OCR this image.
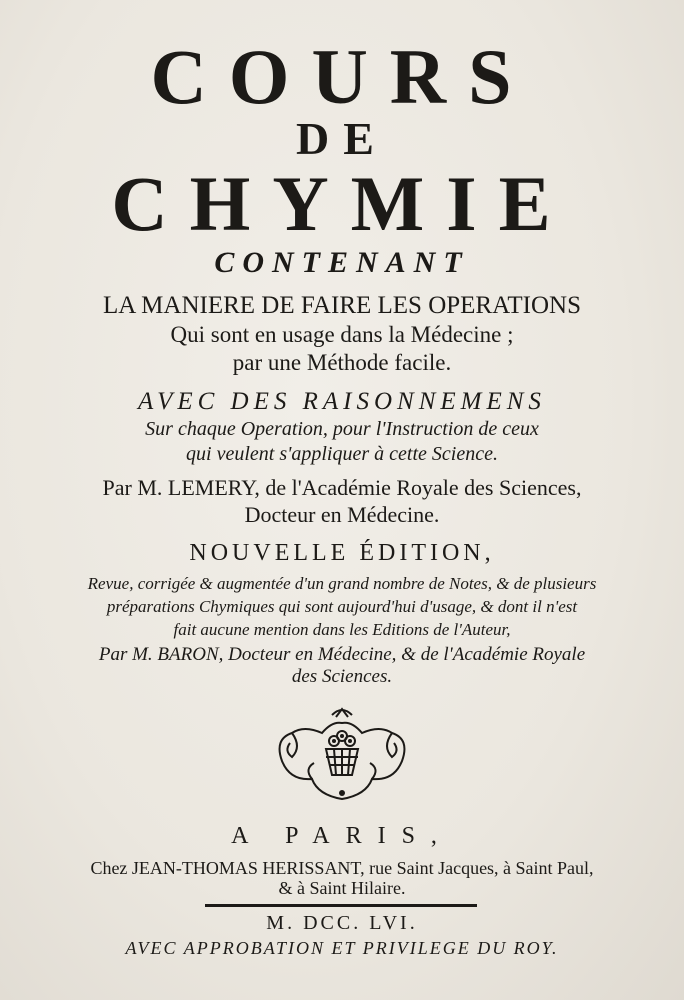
COURS
DE
CHYMIE
CONTENANT
LA MANIERE DE FAIRE LES OPERATIONS
Qui sont en usage dans la Médecine ;
par une Méthode facile.
AVEC DES RAISONNEMENS
Sur chaque Operation, pour l'Instruction de ceux
qui veulent s'appliquer à cette Science.
Par M. LEMERY, de l'Académie Royale des Sciences,
Docteur en Médecine.
NOUVELLE ÉDITION,
Revue, corrigée & augmentée d'un grand nombre de Notes, & de plusieurs
préparations Chymiques qui sont aujourd'hui d'usage, & dont il n'est
fait aucune mention dans les Editions de l'Auteur,
Par M. BARON, Docteur en Médecine, & de l'Académie Royale
des Sciences.
A PARIS,
Chez JEAN-THOMAS HERISSANT, rue Saint Jacques, à Saint Paul,
& à Saint Hilaire.
M. DCC. LVI.
AVEC APPROBATION ET PRIVILEGE DU ROY.
